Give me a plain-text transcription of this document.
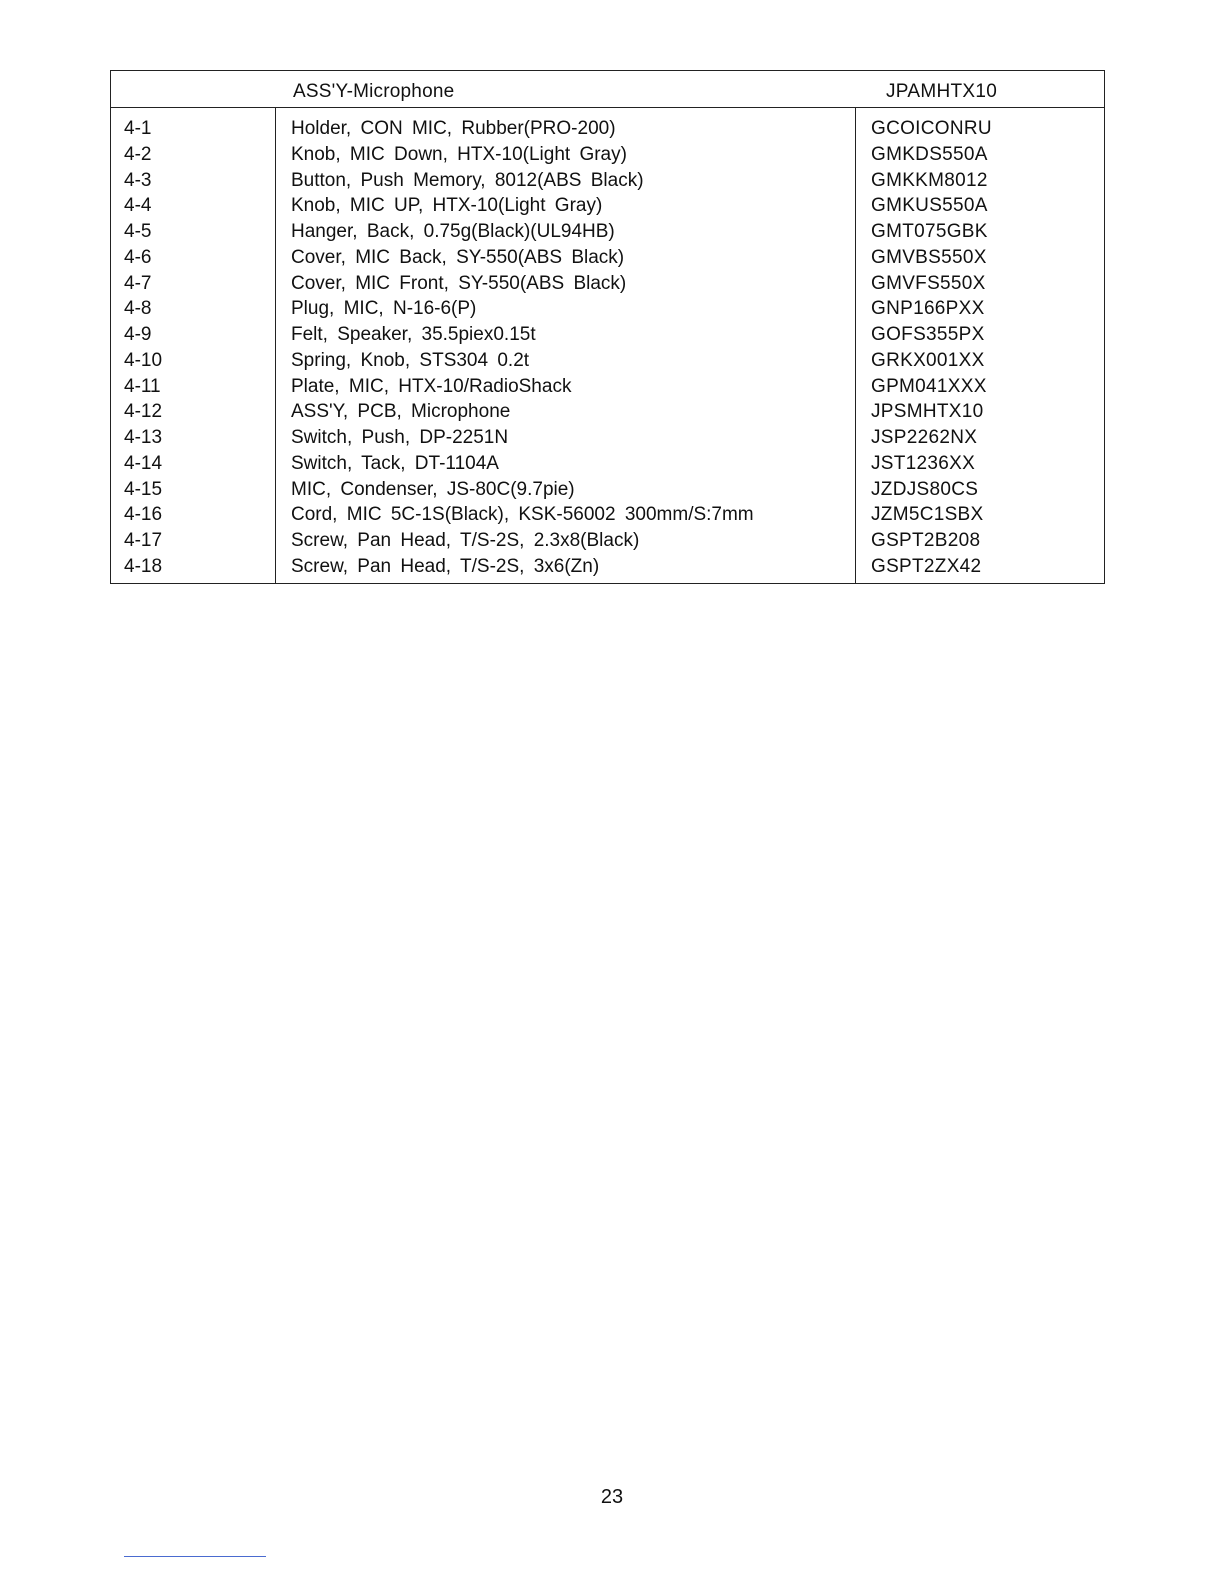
ASS'Y-Microphone	JPAMHTX10
4-1	Holder, CON MIC, Rubber(PRO-200)	GCOICONRU
4-2	Knob, MIC Down, HTX-10(Light Gray)	GMKDS550A
4-3	Button, Push Memory, 8012(ABS Black)	GMKKM8012
4-4	Knob, MIC UP, HTX-10(Light Gray)	GMKUS550A
4-5	Hanger, Back, 0.75g(Black)(UL94HB)	GMT075GBK
4-6	Cover, MIC Back, SY-550(ABS Black)	GMVBS550X
4-7	Cover, MIC Front, SY-550(ABS Black)	GMVFS550X
4-8	Plug, MIC, N-16-6(P)	GNP166PXX
4-9	Felt, Speaker, 35.5piex0.15t	GOFS355PX
4-10	Spring, Knob, STS304 0.2t	GRKX001XX
4-11	Plate, MIC, HTX-10/RadioShack	GPM041XXX
4-12	ASS'Y, PCB, Microphone	JPSMHTX10
4-13	Switch, Push, DP-2251N	JSP2262NX
4-14	Switch, Tack, DT-1104A	JST1236XX
4-15	MIC, Condenser, JS-80C(9.7pie)	JZDJS80CS
4-16	Cord, MIC 5C-1S(Black), KSK-56002 300mm/S:7mm	JZM5C1SBX
4-17	Screw, Pan Head, T/S-2S, 2.3x8(Black)	GSPT2B208
4-18	Screw, Pan Head, T/S-2S, 3x6(Zn)	GSPT2ZX42
23
